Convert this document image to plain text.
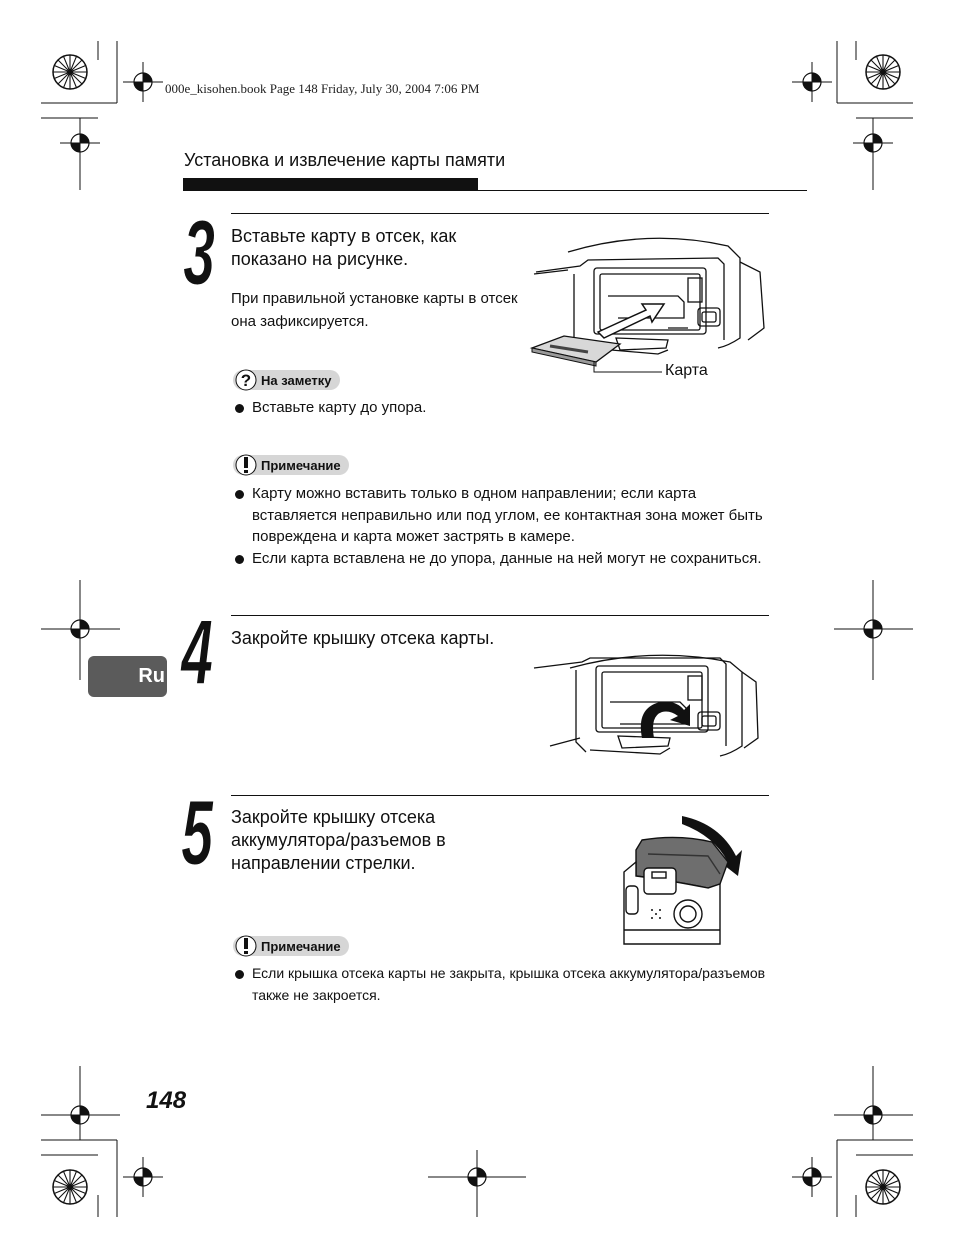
000e_kisohen.book Page 148 Friday, July 30, 2004 7:06 PM
Установка и извлечение карты памяти
3 Вставьте карту в отсек, как показано на рисунке.
При правильной установке карты в отсек она зафиксируется.
Карта
? На заметку
Вставьте карту до упора.
Примечание
Карту можно вставить только в одном направлении; если карта вставляется неправильно или под углом, ее контактная зона может быть повреждена и карта может застрять в камере.
Если карта вставлена не до упора, данные на ней могут не сохраниться.
Ru 4 Закройте крышку отсека карты.
5 Закройте крышку отсека аккумулятора/разъемов в направлении стрелки.
Примечание
Если крышка отсека карты не закрыта, крышка отсека аккумулятора/разъемов также не закроется.
148
